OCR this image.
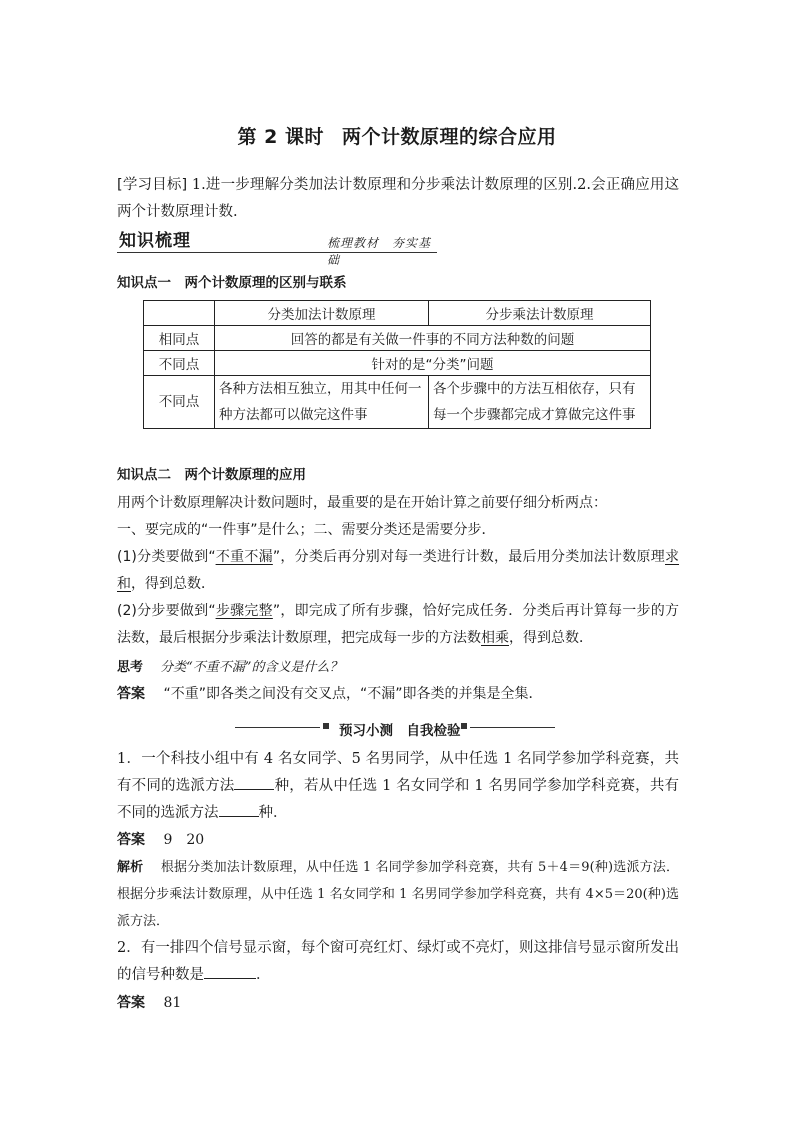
第 2 课时 两个计数原理的综合应用
[学习目标] 1.进一步理解分类加法计数原理和分步乘法计数原理的区别.2.会正确应用这两个计数原理计数.
知识梳理	梳理教材　夯实基础
知识点一　两个计数原理的区别与联系
	分类加法计数原理	分步乘法计数原理
相同点	回答的都是有关做一件事的不同方法种数的问题	
不同点	针对的是“分类”问题	
不同点	各种方法相互独立，用其中任何一种方法都可以做完这件事	各个步骤中的方法互相依存，只有每一个步骤都完成才算做完这件事
知识点二　两个计数原理的应用
用两个计数原理解决计数问题时，最重要的是在开始计算之前要仔细分析两点：
一、要完成的“一件事”是什么；二、需要分类还是需要分步．
(1)分类要做到“不重不漏”，分类后再分别对每一类进行计数，最后用分类加法计数原理求和，得到总数．
(2)分步要做到“步骤完整”，即完成了所有步骤，恰好完成任务．分类后再计算每一步的方法数，最后根据分步乘法计数原理，把完成每一步的方法数相乘，得到总数．
思考　 分类“不重不漏”的含义是什么？
答案　 “不重”即各类之间没有交叉点，“不漏”即各类的并集是全集．
预习小测　自我检验
1．一个科技小组中有 4 名女同学、5 名男同学，从中任选 1 名同学参加学科竞赛，共有不同的选派方法	种，若从中任选 1 名女同学和 1 名男同学参加学科竞赛，共有不同的选派方法	种．
答案　 9　20
解析　 根据分类加法计数原理，从中任选 1 名同学参加学科竞赛，共有 5＋4＝9(种)选派方法．根据分步乘法计数原理，从中任选 1 名女同学和 1 名男同学参加学科竞赛，共有 4×5＝20(种)选派方法．
2．有一排四个信号显示窗，每个窗可亮红灯、绿灯或不亮灯，则这排信号显示窗所发出的信号种数是	．
答案　 81
